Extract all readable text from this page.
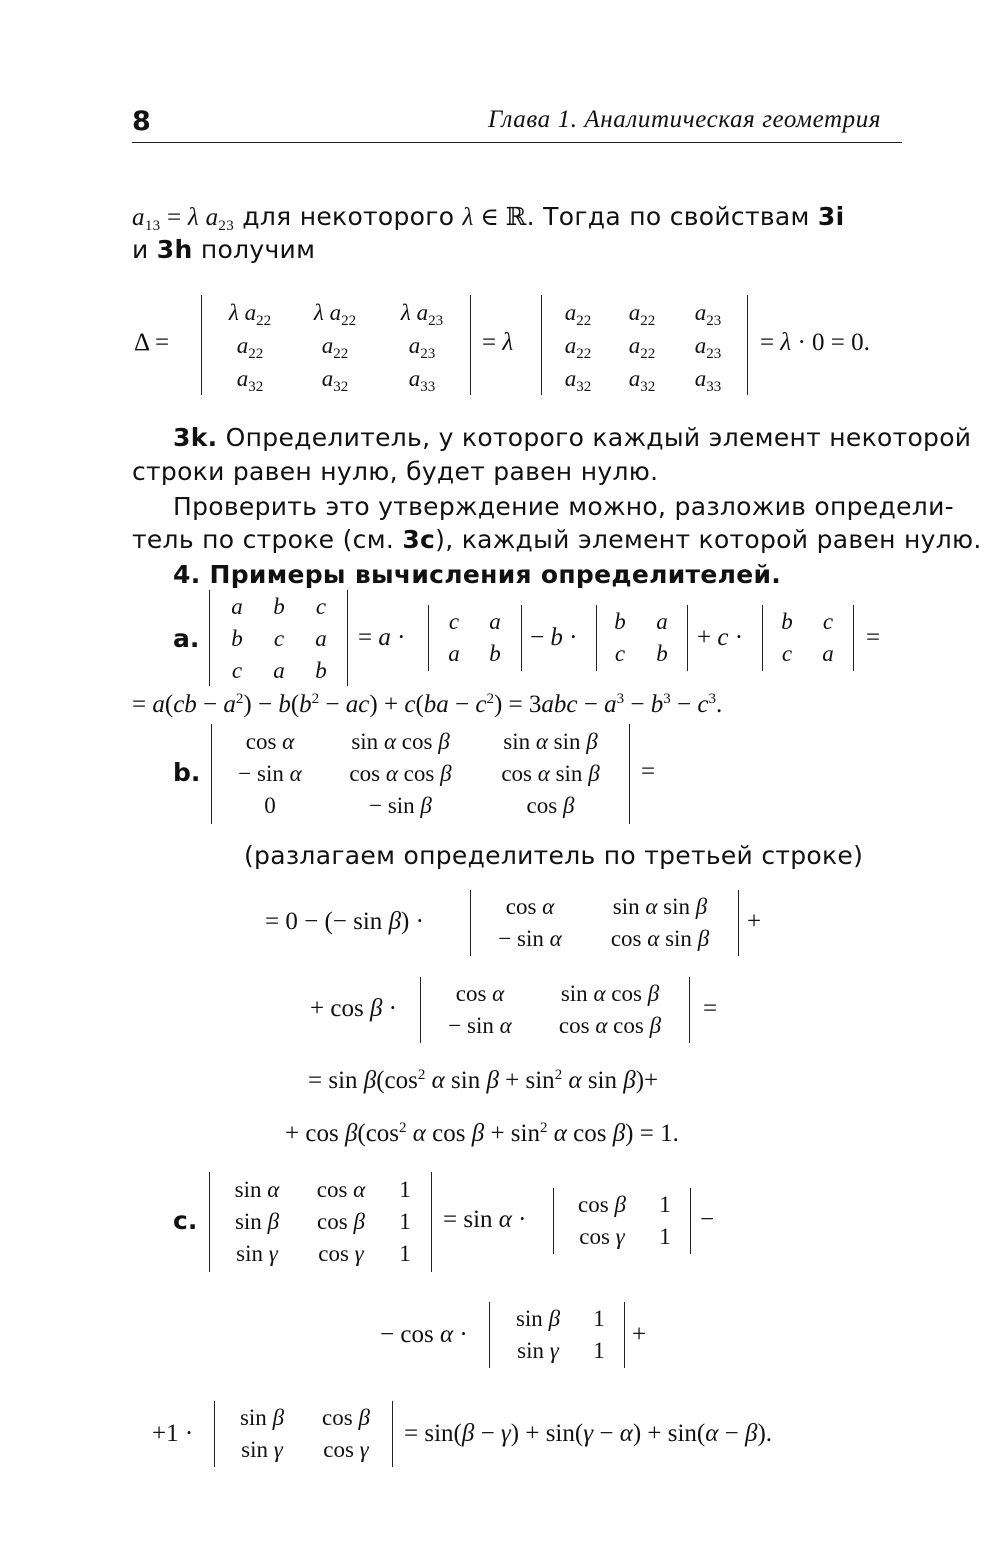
8	Глава 1. Аналитическая геометрия
$a_{13} = \lambda$ $a_{23}$ для некоторого λ ∈ ℝ. Тогда по свойствам 3i
и 3h получим
Δ =
λ $a_{22}$	λ $a_{22}$	λ $a_{23}$
$a_{22}$	$a_{22}$	$a_{23}$
$a_{32}$	$a_{32}$	$a_{33}$
= λ
$a_{22}$	$a_{22}$	$a_{23}$
$a_{22}$	$a_{22}$	$a_{23}$
$a_{32}$	$a_{32}$	$a_{33}$
= λ · 0 = 0.
3k. Определитель, у которого каждый элемент некоторой
строки равен нулю, будет равен нулю.
Проверить это утверждение можно, разложив определи-
тель по строке (см. 3c), каждый элемент которой равен нулю.
4. Примеры вычисления определителей.
a.
a	b	c
b	c	a
c	a	b
= a ·
c	a
a	b
− b ·
b	a
c	b
+ c ·
b	c
c	a
=
= $a(cb - a^2) - b(b^2 - ac) + c(ba - c^2) = 3abc - a^3 - b^3 - c^3$.
b.
cos α	sin α cos β	sin α sin β
− sin α	cos α cos β	cos α sin β
0	− sin β	cos β
=
(разлагаем определитель по третьей строке)
= 0 − (− sin β) ·
cos α	sin α sin β
− sin α	cos α sin β
+
+ cos β ·
cos α	sin α cos β
− sin α	cos α cos β
=
= $\sin \beta(\cos^2$ α $\sin \beta + \sin^2 \alpha$ sin β)+
+ $\cos \beta(\cos^2$ α $\cos \beta + \sin^2 \alpha$ cos β) = 1.
c.
sin α	cos α	1
sin β	cos β	1
sin γ	cos γ	1
= sin α ·
cos β	1
cos γ	1
−
− cos α ·
sin β	1
sin γ	1
+
+1 ·
sin β	cos β
sin γ	cos γ
= sin(β − γ) + sin(γ − α) + sin(α − β).
